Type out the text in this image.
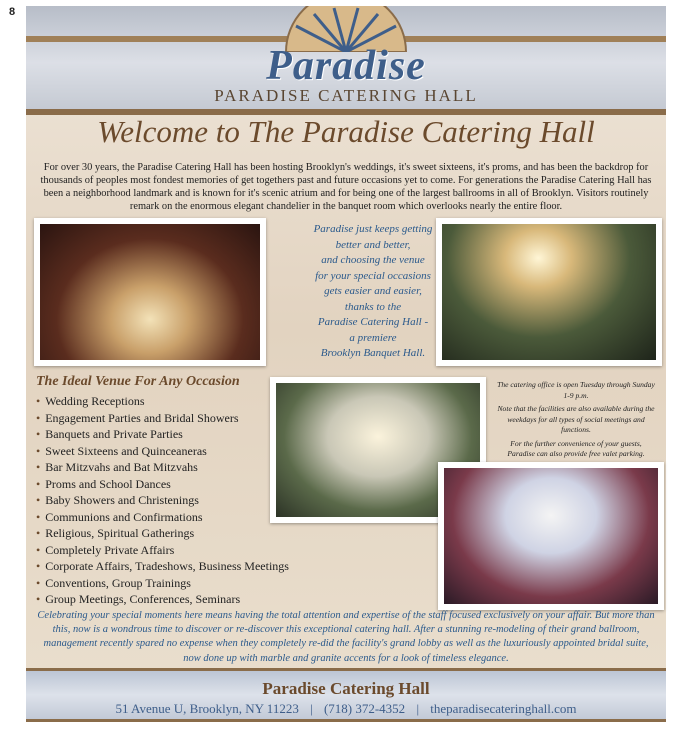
8
Paradise
PARADISE CATERING HALL
Welcome to The Paradise Catering Hall
For over 30 years, the Paradise Catering Hall has been hosting Brooklyn's weddings, it's sweet sixteens, it's proms, and has been the backdrop for thousands of peoples most fondest memories of get togethers past and future occasions yet to come. For generations the Paradise Catering Hall has been a neighborhood landmark and is known for it's scenic atrium and for being one of the largest ballrooms in all of Brooklyn. Visitors routinely remark on the enormous elegant chandelier in the banquet room which overlooks nearly the entire floor.
Paradise just keeps getting
better and better,
and choosing the venue
for your special occasions
gets easier and easier,
thanks to the
Paradise Catering Hall -
a premiere
Brooklyn Banquet Hall.
The Ideal Venue For Any Occasion
• Wedding Receptions
• Engagement Parties and Bridal Showers
• Banquets and Private Parties
• Sweet Sixteens and Quinceaneras
• Bar Mitzvahs and Bat Mitzvahs
• Proms and School Dances
• Baby Showers and Christenings
• Communions and Confirmations
• Religious, Spiritual Gatherings
• Completely Private Affairs
• Corporate Affairs, Tradeshows, Business Meetings
• Conventions, Group Trainings
• Group Meetings, Conferences, Seminars

The catering office is open Tuesday through Sunday 1-9 p.m.

Note that the facilities are also available during the weekdays for all types of social meetings and functions.

For the further convenience of your guests, Paradise can also provide free valet parking.

Celebrating your special moments here means having the total attention and expertise of the staff focused exclusively on your affair. But more than this, now is a wondrous time to discover or re-discover this exceptional catering hall. After a stunning re-modeling of their grand ballroom, management recently spared no expense when they completely re-did the facility's grand lobby as well as the luxuriously appointed bridal suite, now done up with marble and granite accents for a look of timeless elegance.
Paradise Catering Hall
51 Avenue U, Brooklyn, NY 11223 | (718) 372-4352 | theparadisecateringhall.com
